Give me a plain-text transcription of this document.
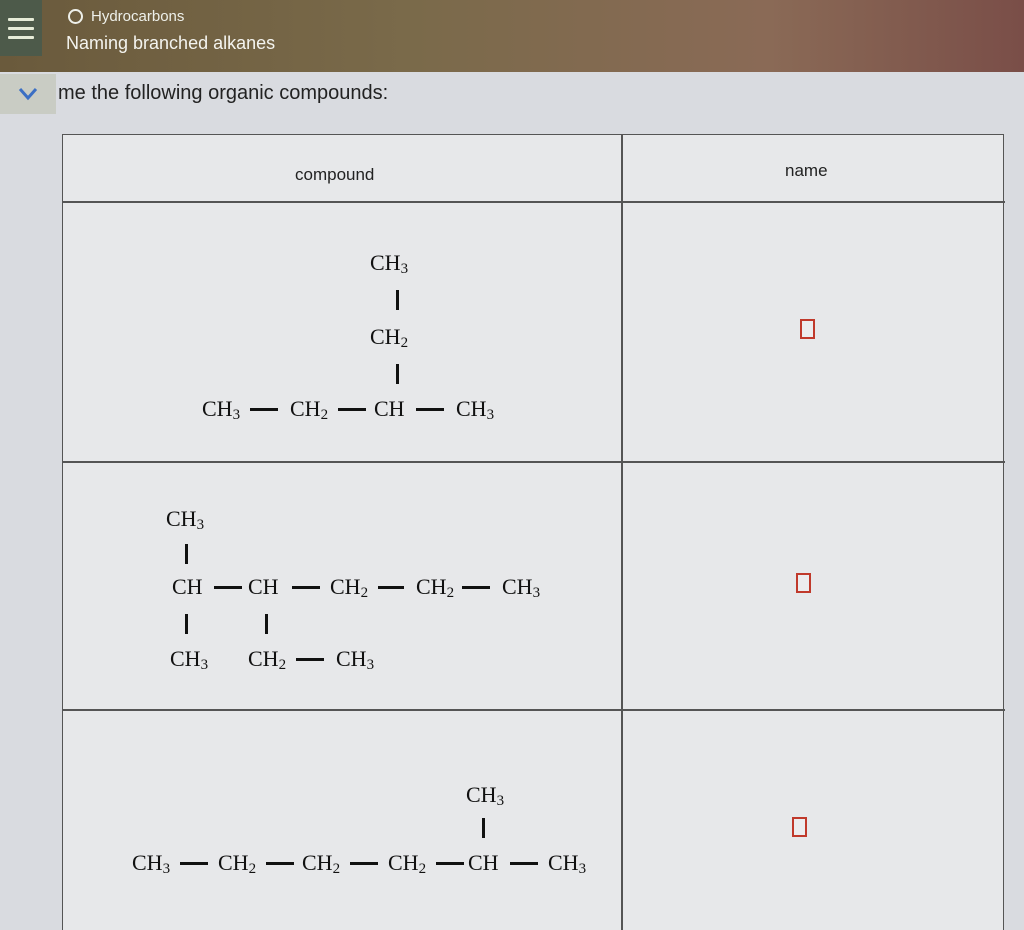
Hydrocarbons
Naming branched alkanes
me the following organic compounds:
compound	name
$CH_3$
$CH_2$
$CH_3$ $CH_2$ CH $CH_3$
$CH_3$
CH CH $CH_2$ $CH_2$ $CH_3$
$CH_3$ $CH_2$ $CH_3$
$CH_3$
$CH_3$ $CH_2$ $CH_2$ $CH_2$ CH $CH_3$
